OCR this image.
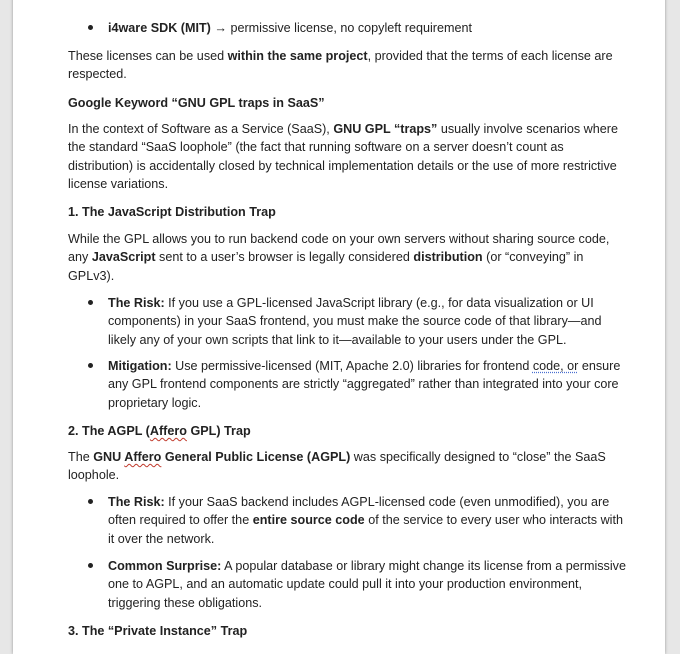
i4ware SDK (MIT) → permissive license, no copyleft requirement

These licenses can be used within the same project, provided that the terms of each license are respected.

Google Keyword “GNU GPL traps in SaaS”

In the context of Software as a Service (SaaS), GNU GPL “traps” usually involve scenarios where the standard “SaaS loophole” (the fact that running software on a server doesn’t count as distribution) is accidentally closed by technical implementation details or the use of more restrictive license variations.

1. The JavaScript Distribution Trap

While the GPL allows you to run backend code on your own servers without sharing source code, any JavaScript sent to a user’s browser is legally considered distribution (or “conveying” in GPLv3).

The Risk: If you use a GPL-licensed JavaScript library (e.g., for data visualization or UI components) in your SaaS frontend, you must make the source code of that library—and likely any of your own scripts that link to it—available to your users under the GPL.
Mitigation: Use permissive-licensed (MIT, Apache 2.0) libraries for frontend code, or ensure any GPL frontend components are strictly “aggregated” rather than integrated into your core proprietary logic.

2. The AGPL (Affero GPL) Trap

The GNU Affero General Public License (AGPL) was specifically designed to “close” the SaaS loophole.

The Risk: If your SaaS backend includes AGPL-licensed code (even unmodified), you are often required to offer the entire source code of the service to every user who interacts with it over the network.
Common Surprise: A popular database or library might change its license from a permissive one to AGPL, and an automatic update could pull it into your production environment, triggering these obligations.

3. The “Private Instance” Trap
